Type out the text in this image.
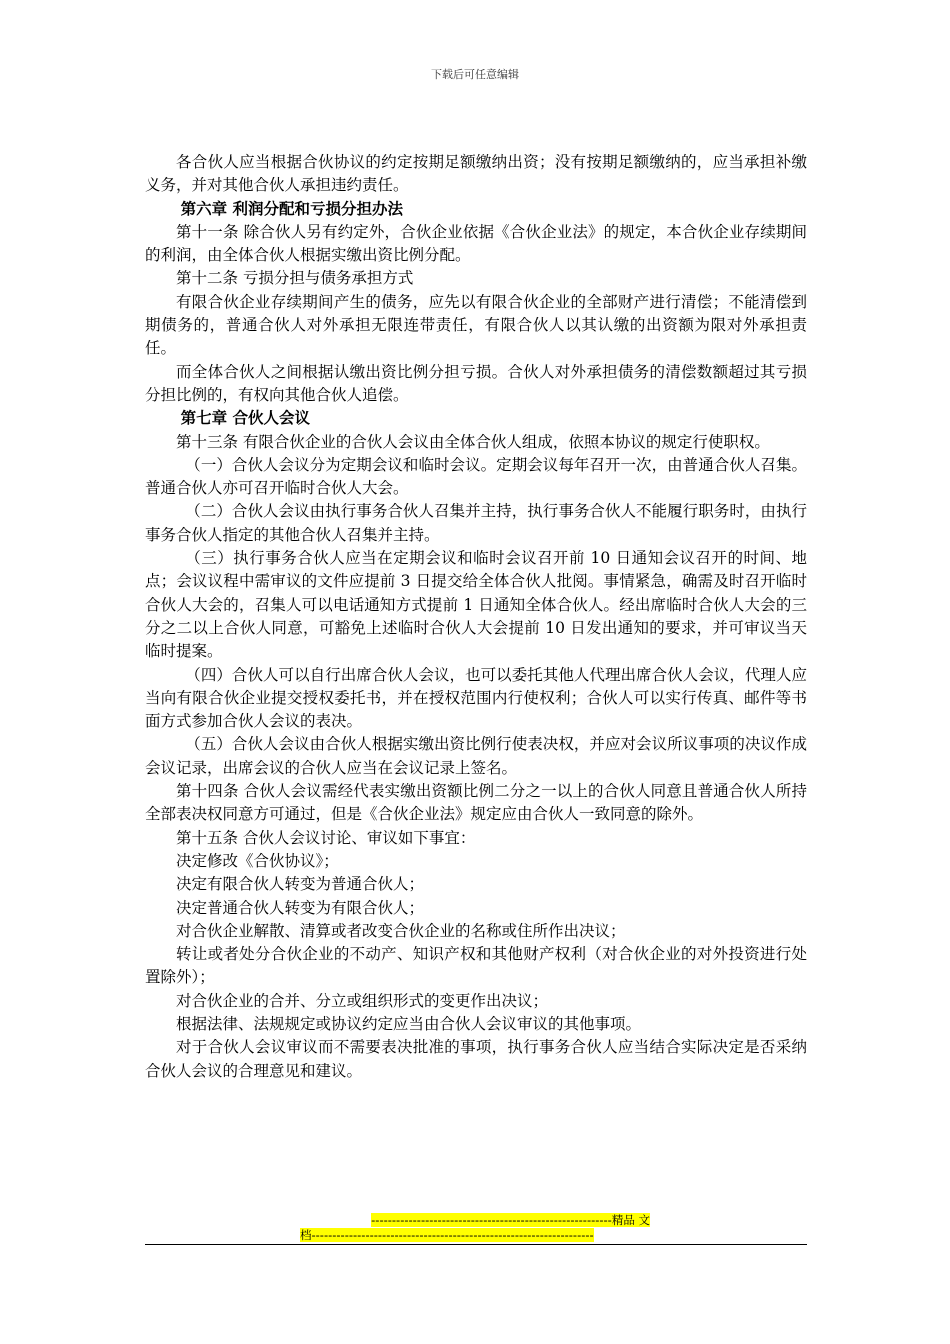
下载后可任意编辑

各合伙人应当根据合伙协议的约定按期足额缴纳出资；没有按期足额缴纳的，应当承担补缴义务，并对其他合伙人承担违约责任。

第六章 利润分配和亏损分担办法

第十一条 除合伙人另有约定外，合伙企业依据《合伙企业法》的规定，本合伙企业存续期间的利润，由全体合伙人根据实缴出资比例分配。

第十二条 亏损分担与债务承担方式

有限合伙企业存续期间产生的债务，应先以有限合伙企业的全部财产进行清偿；不能清偿到期债务的，普通合伙人对外承担无限连带责任，有限合伙人以其认缴的出资额为限对外承担责任。

而全体合伙人之间根据认缴出资比例分担亏损。合伙人对外承担债务的清偿数额超过其亏损分担比例的，有权向其他合伙人追偿。

第七章 合伙人会议

第十三条 有限合伙企业的合伙人会议由全体合伙人组成，依照本协议的规定行使职权。

（一）合伙人会议分为定期会议和临时会议。定期会议每年召开一次，由普通合伙人召集。普通合伙人亦可召开临时合伙人大会。

（二）合伙人会议由执行事务合伙人召集并主持，执行事务合伙人不能履行职务时，由执行事务合伙人指定的其他合伙人召集并主持。

（三）执行事务合伙人应当在定期会议和临时会议召开前 10 日通知会议召开的时间、地点；会议议程中需审议的文件应提前 3 日提交给全体合伙人批阅。事情紧急，确需及时召开临时合伙人大会的，召集人可以电话通知方式提前 1 日通知全体合伙人。经出席临时合伙人大会的三分之二以上合伙人同意，可豁免上述临时合伙人大会提前 10 日发出通知的要求，并可审议当天临时提案。

（四）合伙人可以自行出席合伙人会议，也可以委托其他人代理出席合伙人会议，代理人应当向有限合伙企业提交授权委托书，并在授权范围内行使权利；合伙人可以实行传真、邮件等书面方式参加合伙人会议的表决。

（五）合伙人会议由合伙人根据实缴出资比例行使表决权，并应对会议所议事项的决议作成会议记录，出席会议的合伙人应当在会议记录上签名。

第十四条 合伙人会议需经代表实缴出资额比例二分之一以上的合伙人同意且普通合伙人所持全部表决权同意方可通过，但是《合伙企业法》规定应由合伙人一致同意的除外。

第十五条 合伙人会议讨论、审议如下事宜：

决定修改《合伙协议》；

决定有限合伙人转变为普通合伙人；

决定普通合伙人转变为有限合伙人；

对合伙企业解散、清算或者改变合伙企业的名称或住所作出决议；

转让或者处分合伙企业的不动产、知识产权和其他财产权利（对合伙企业的对外投资进行处置除外）；

对合伙企业的合并、分立或组织形式的变更作出决议；

根据法律、法规规定或协议约定应当由合伙人会议审议的其他事项。

对于合伙人会议审议而不需要表决批准的事项，执行事务合伙人应当结合实际决定是否采纳合伙人会议的合理意见和建议。

----------------------------------------------------------精品 文
档--------------------------------------------------------------------
